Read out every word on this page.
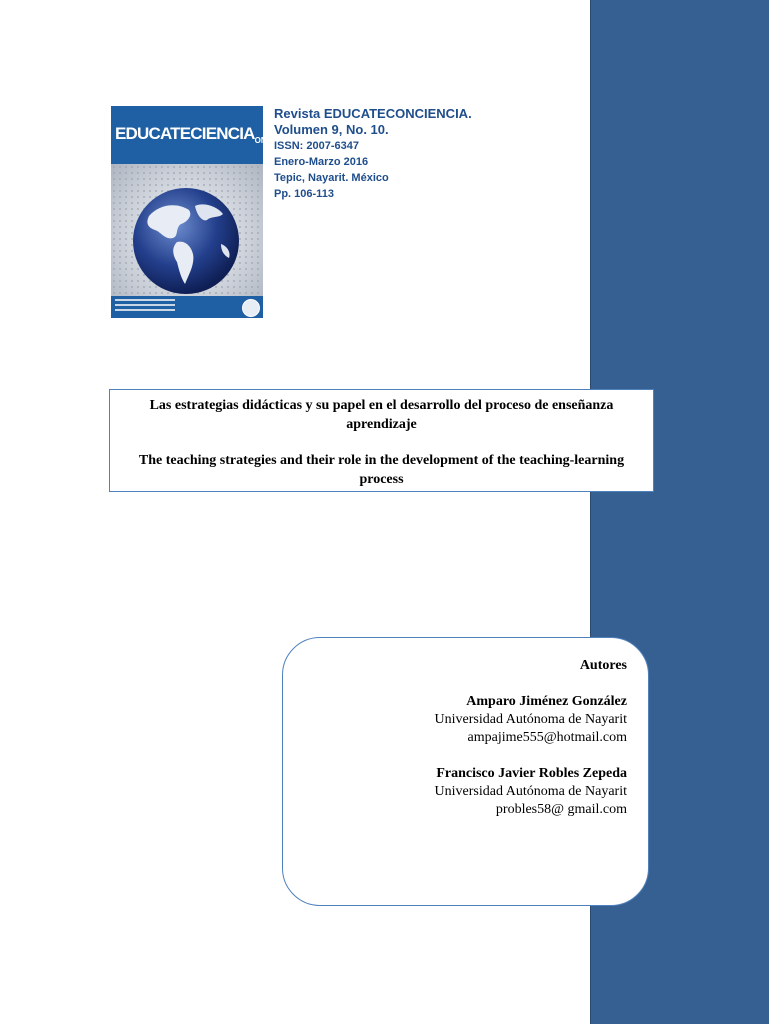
$EDUCATECIENCIA_{ON}$
Revista EDUCATECONCIENCIA.
Volumen 9, No. 10.
ISSN: 2007-6347
Enero-Marzo 2016
Tepic, Nayarit. México
Pp. 106-113
Las estrategias didácticas y su papel en el desarrollo del proceso de enseñanza aprendizaje
The teaching strategies and their role in the development of the teaching-learning process
Autores
Amparo Jiménez González
Universidad Autónoma de Nayarit
ampajime555@hotmail.com
Francisco Javier Robles Zepeda
Universidad Autónoma de Nayarit
probles58@ gmail.com
